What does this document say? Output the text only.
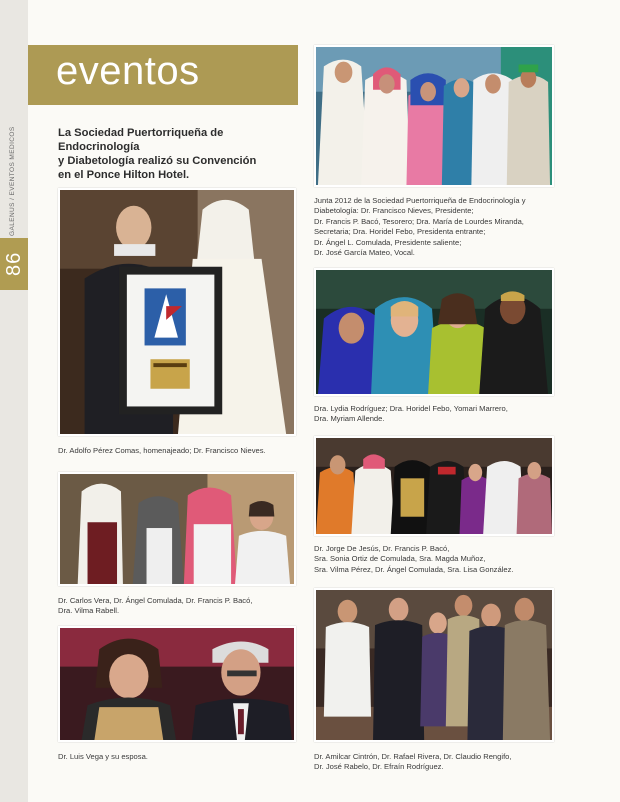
86
GALENUS / EVENTOS MEDICOS
eventos
La Sociedad Puertorriqueña de Endocrinología
y Diabetología realizó su Convención
en el Ponce Hilton Hotel.
Dr. Adolfo Pérez Comas, homenajeado; Dr. Francisco Nieves.
Dr. Carlos Vera, Dr. Ángel Comulada, Dr. Francis P. Bacó,
Dra. Vilma Rabell.
Dr. Luis Vega y su esposa.
Junta 2012 de la Sociedad Puertorriqueña de Endocrinología y
Diabetología: Dr. Francisco Nieves, Presidente;
Dr. Francis P. Bacó, Tesorero; Dra. María de Lourdes Miranda,
Secretaria; Dra. Horidel Febo, Presidenta entrante;
Dr. Ángel L. Comulada, Presidente saliente;
Dr. José García Mateo, Vocal.
Dra. Lydia Rodríguez; Dra. Horidel Febo, Yomari Marrero,
Dra. Myriam Allende.
Dr. Jorge De Jesús, Dr. Francis P. Bacó,
Sra. Sonia Ortiz de Comulada, Sra. Magda Muñoz,
Sra. Vilma Pérez, Dr. Ángel Comulada, Sra. Lisa González.
Dr. Amilcar Cintrón, Dr. Rafael Rivera, Dr. Claudio Rengifo,
Dr. José Rabelo, Dr. Efraín Rodríguez.
